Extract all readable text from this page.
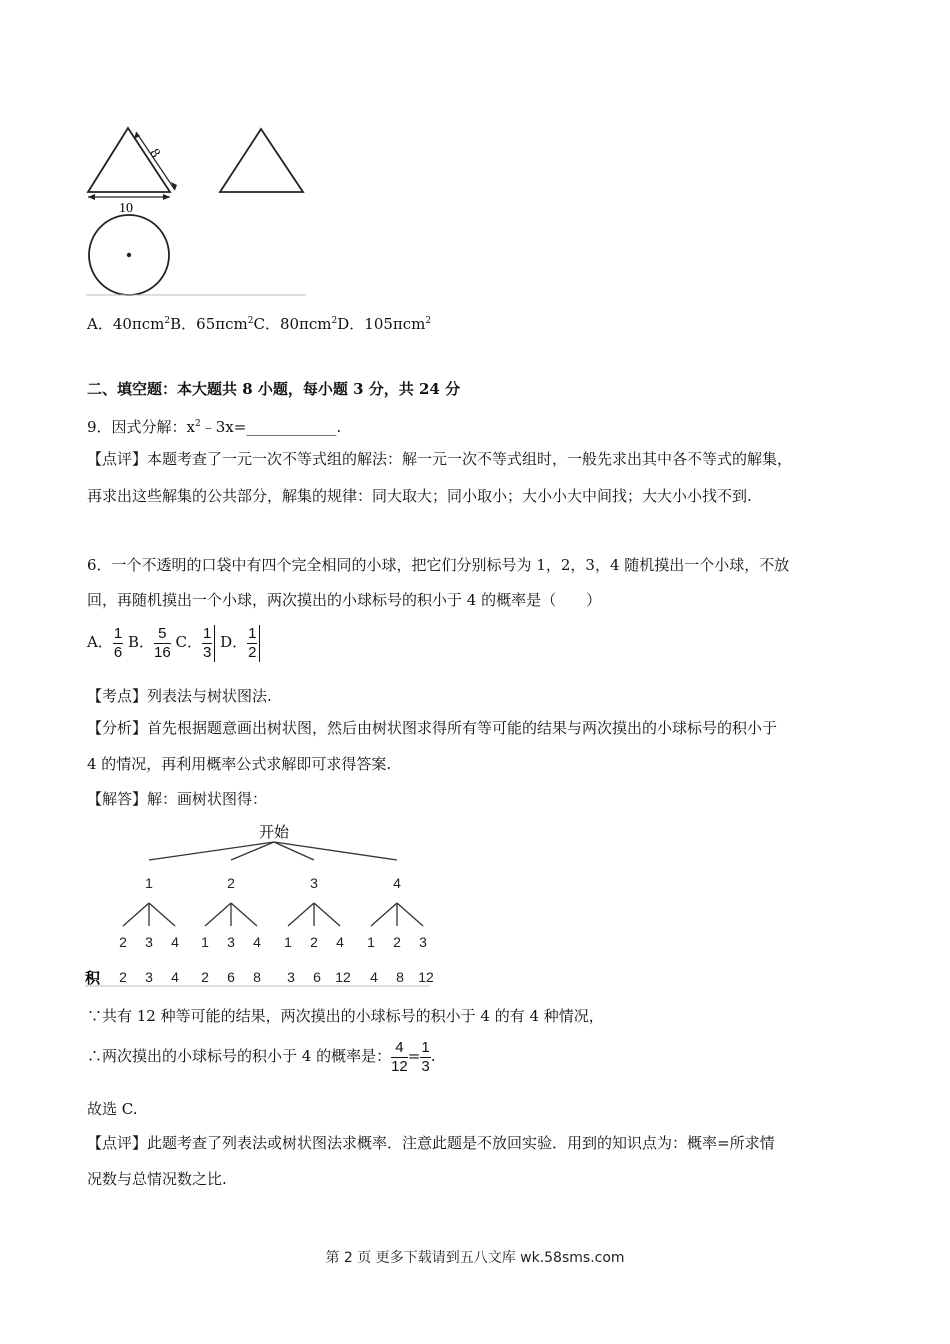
8
10
A．40πcm$^2$B．65πcm$^2$C．80πcm$^2$D．105πcm$^2$
二、填空题：本大题共 8 小题，每小题 3 分，共 24 分
9．因式分解：$x^2﹣3x=\_\_\_\_\_\_\_\_\_\_\_\_$.
【点评】本题考查了一元一次不等式组的解法：解一元一次不等式组时，一般先求出其中各不等式的解集，
再求出这些解集的公共部分，解集的规律：同大取大；同小取小；大小小大中间找；大大小小找不到.
6．一个不透明的口袋中有四个完全相同的小球，把它们分别标号为 1，2，3，4 随机摸出一个小球，不放
回，再随机摸出一个小球，两次摸出的小球标号的积小于 4 的概率是（　　）
A． $\frac{1}{6}$ B． $\frac{5}{16}$ C． $\frac{1}{3}$ D． $\frac{1}{2}$
【考点】列表法与树状图法.
【分析】首先根据题意画出树状图，然后由树状图求得所有等可能的结果与两次摸出的小球标号的积小于
4 的情况，再利用概率公式求解即可求得答案.
【解答】解：画树状图得：
开始
1
2
2
3
3
4
4
2
1
2
3
6
4
8
3
1
3
2
6
4
12
4
1
4
2
8
3
12
积
∵共有 12 种等可能的结果，两次摸出的小球标号的积小于 4 的有 4 种情况，
∴两次摸出的小球标号的积小于 4 的概率是： $\frac{4}{12} = \frac{1}{3}$ .
故选 C.
【点评】此题考查了列表法或树状图法求概率．注意此题是不放回实验．用到的知识点为：概率=所求情
况数与总情况数之比.
第 2 页 更多下载请到五八文库 wk.58sms.com
